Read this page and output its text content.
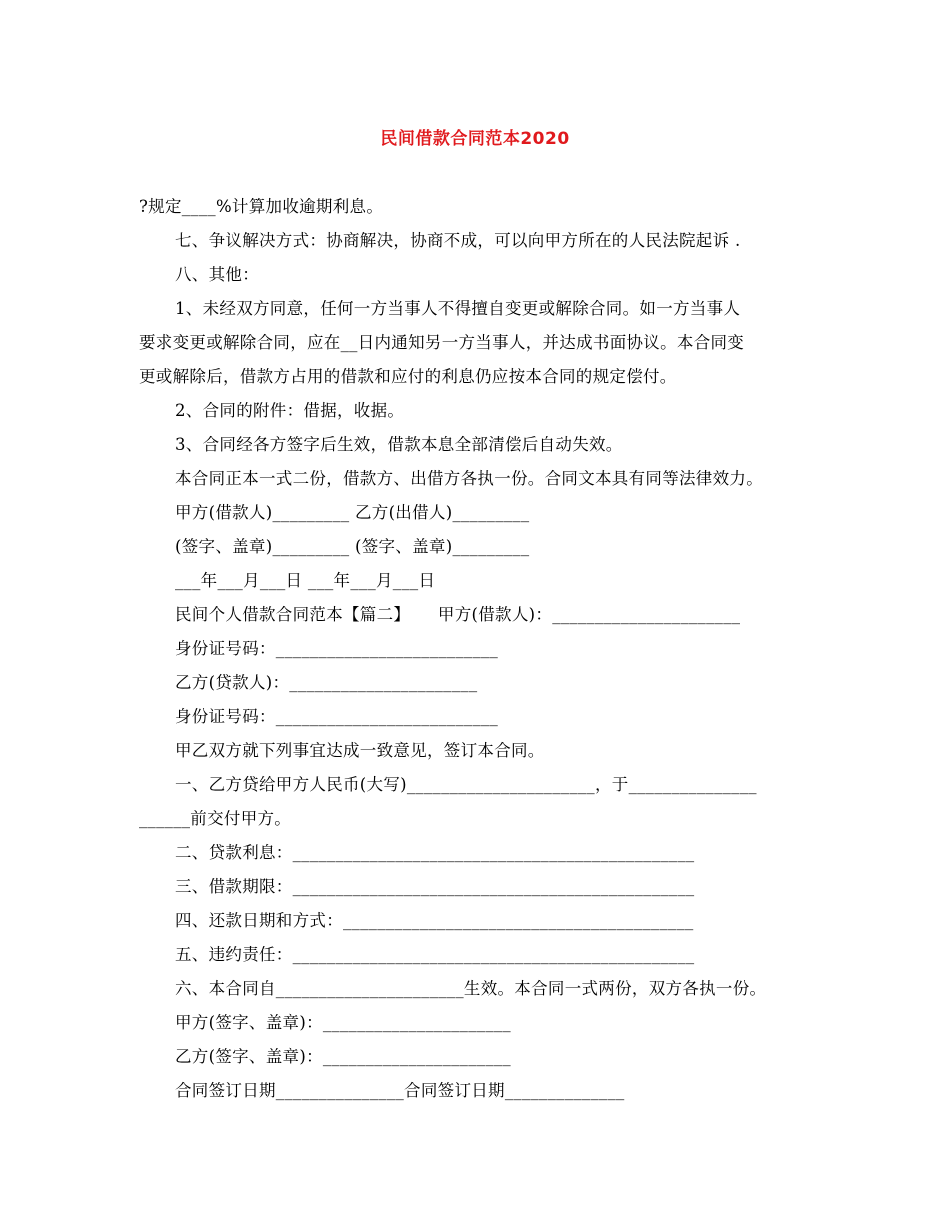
民间借款合同范本2020
?规定____%计算加收逾期利息。
七、争议解决方式：协商解决，协商不成，可以向甲方所在的人民法院起诉 .
八、其他：
1、未经双方同意，任何一方当事人不得擅自变更或解除合同。如一方当事人
要求变更或解除合同，应在__日内通知另一方当事人，并达成书面协议。本合同变
更或解除后，借款方占用的借款和应付的利息仍应按本合同的规定偿付。
2、合同的附件：借据，收据。
3、合同经各方签字后生效，借款本息全部清偿后自动失效。
本合同正本一式二份，借款方、出借方各执一份。合同文本具有同等法律效力。
甲方(借款人)_________ 乙方(出借人)_________
(签字、盖章)_________ (签字、盖章)_________
___年___月___日 ___年___月___日
民间个人借款合同范本【篇二】     甲方(借款人)：______________________
身份证号码：__________________________
乙方(贷款人)：______________________
身份证号码：__________________________
甲乙双方就下列事宜达成一致意见，签订本合同。
一、乙方贷给甲方人民币(大写)______________________，于_______________
______前交付甲方。
二、贷款利息：_______________________________________________
三、借款期限：_______________________________________________
四、还款日期和方式：_________________________________________
五、违约责任：_______________________________________________
六、本合同自______________________生效。本合同一式两份，双方各执一份。
甲方(签字、盖章)：______________________
乙方(签字、盖章)：______________________
合同签订日期_______________合同签订日期______________
